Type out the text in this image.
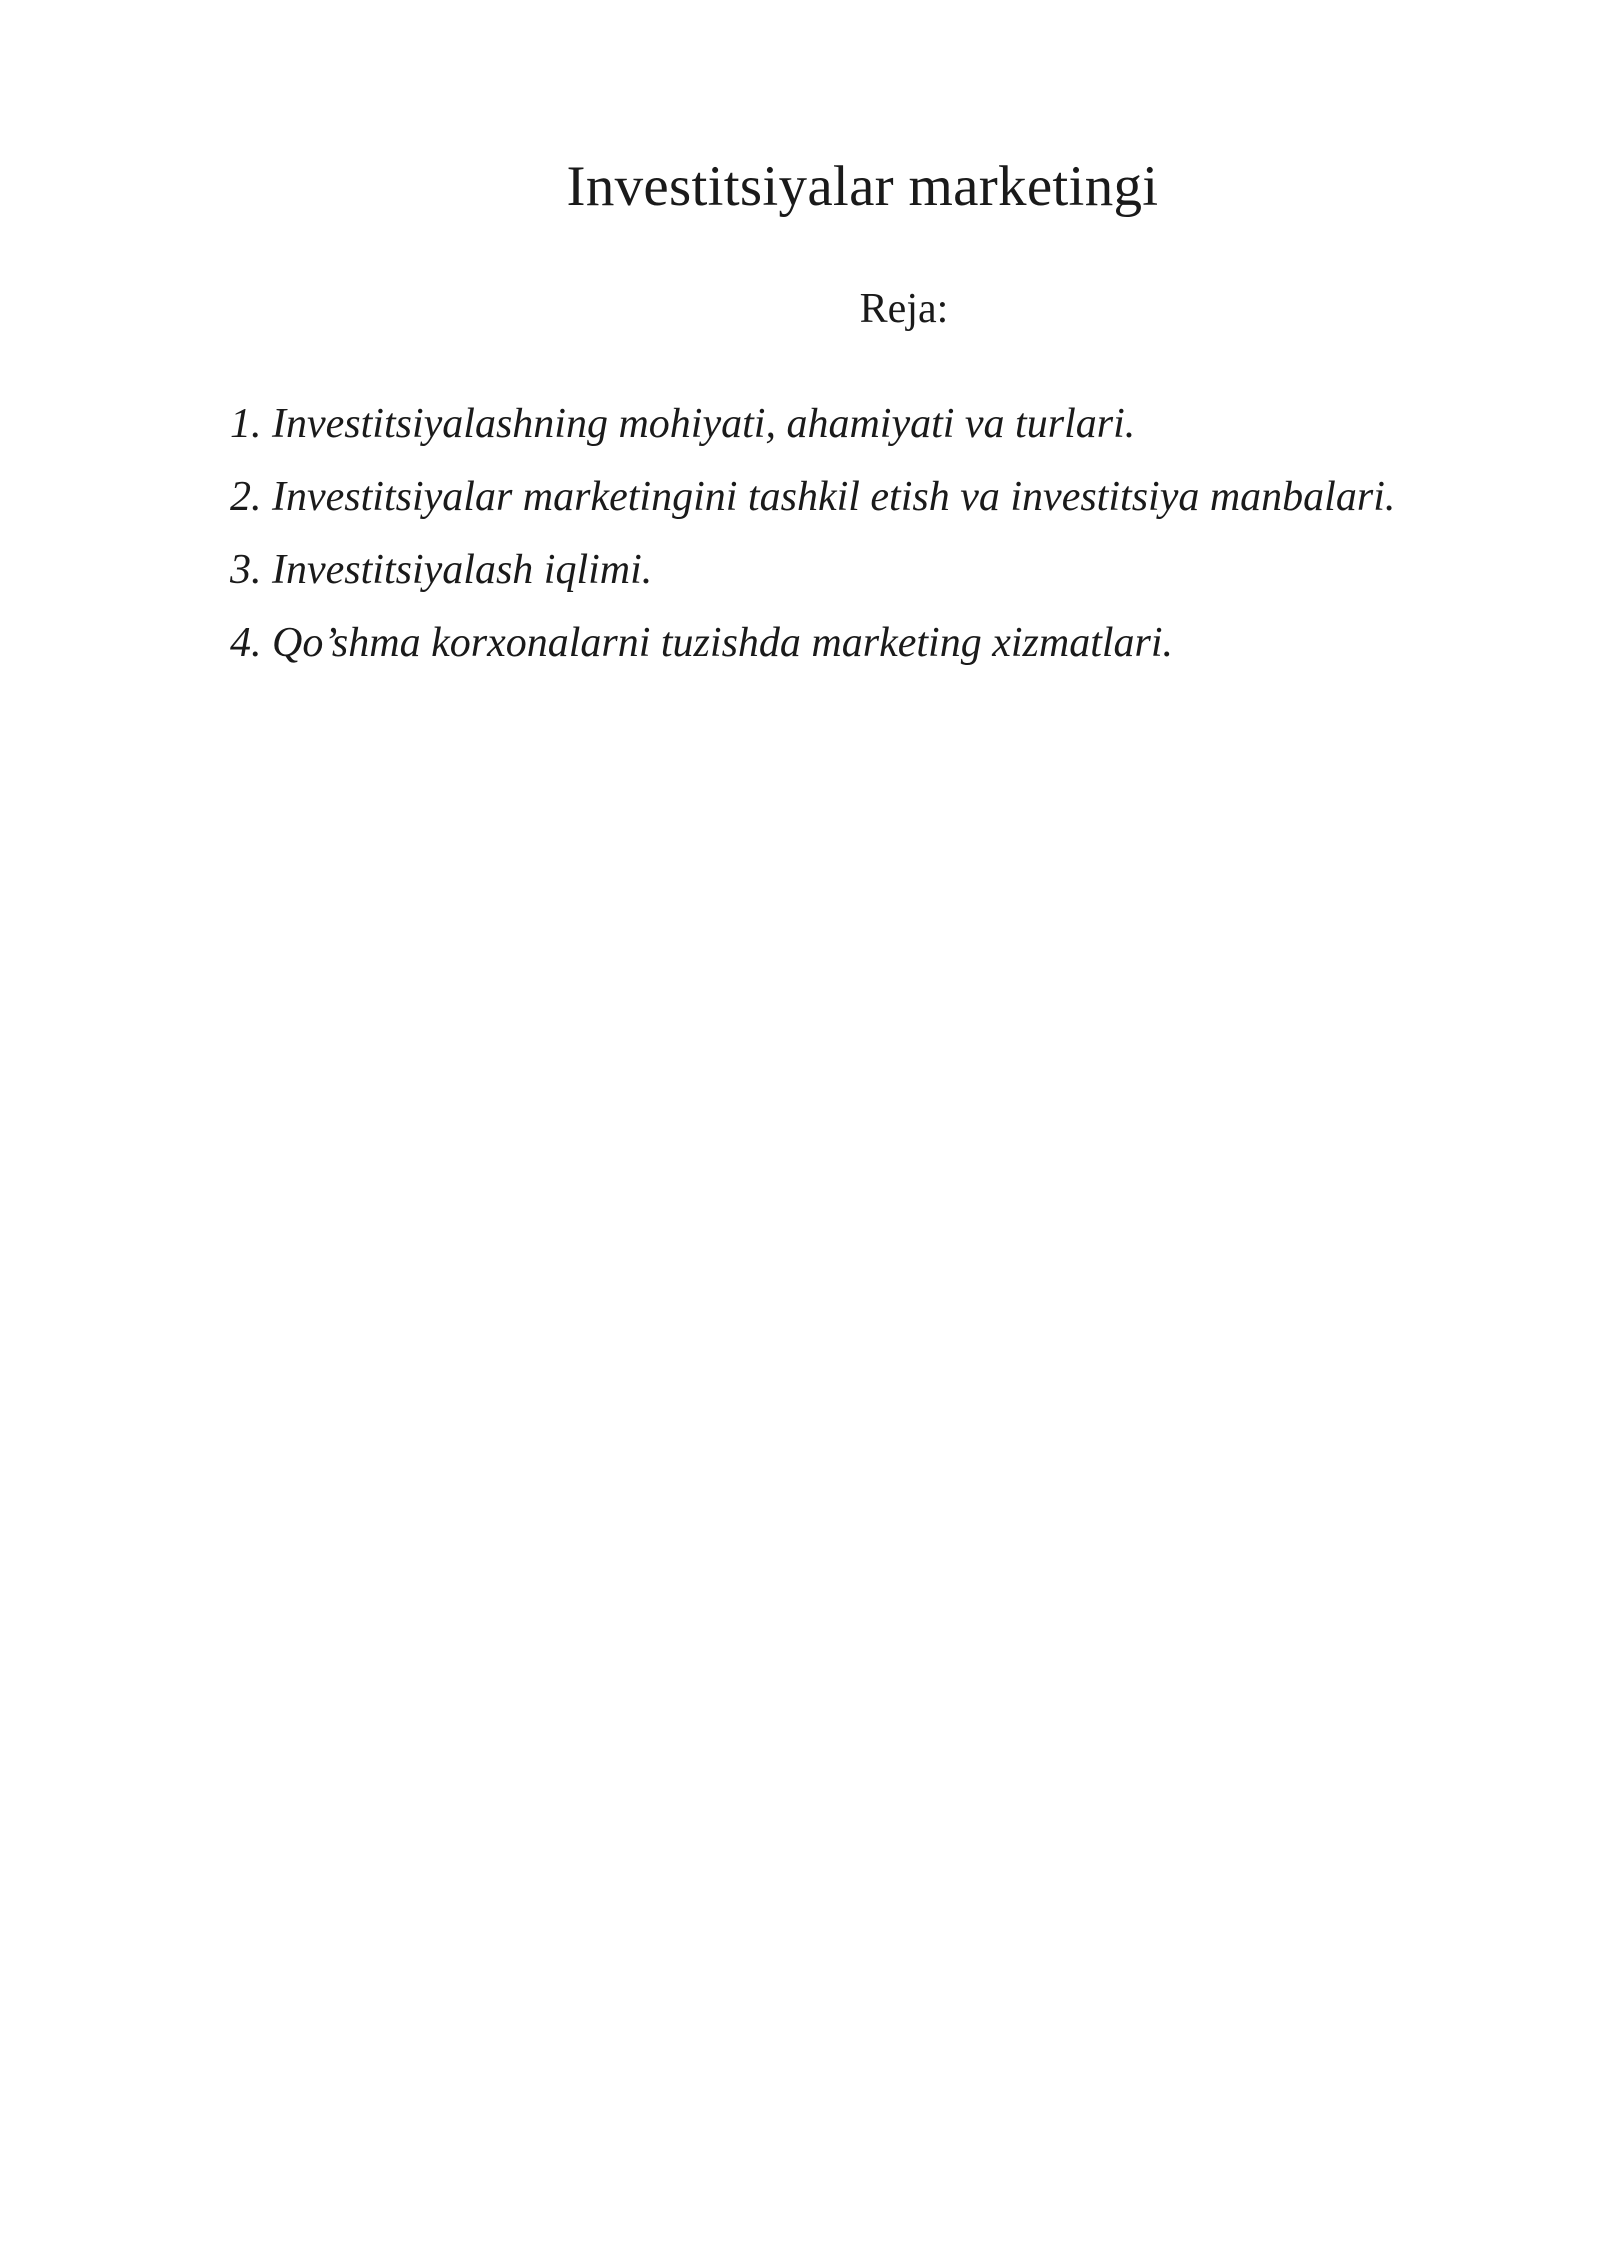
Investitsiyalar marketingi

Reja:

1. Investitsiyalashning mohiyati, ahamiyati va turlari.
2. Investitsiyalar marketingini tashkil etish va investitsiya manbalari.
3. Investitsiyalash iqlimi.
4. Qo’shma korxonalarni tuzishda marketing xizmatlari.
